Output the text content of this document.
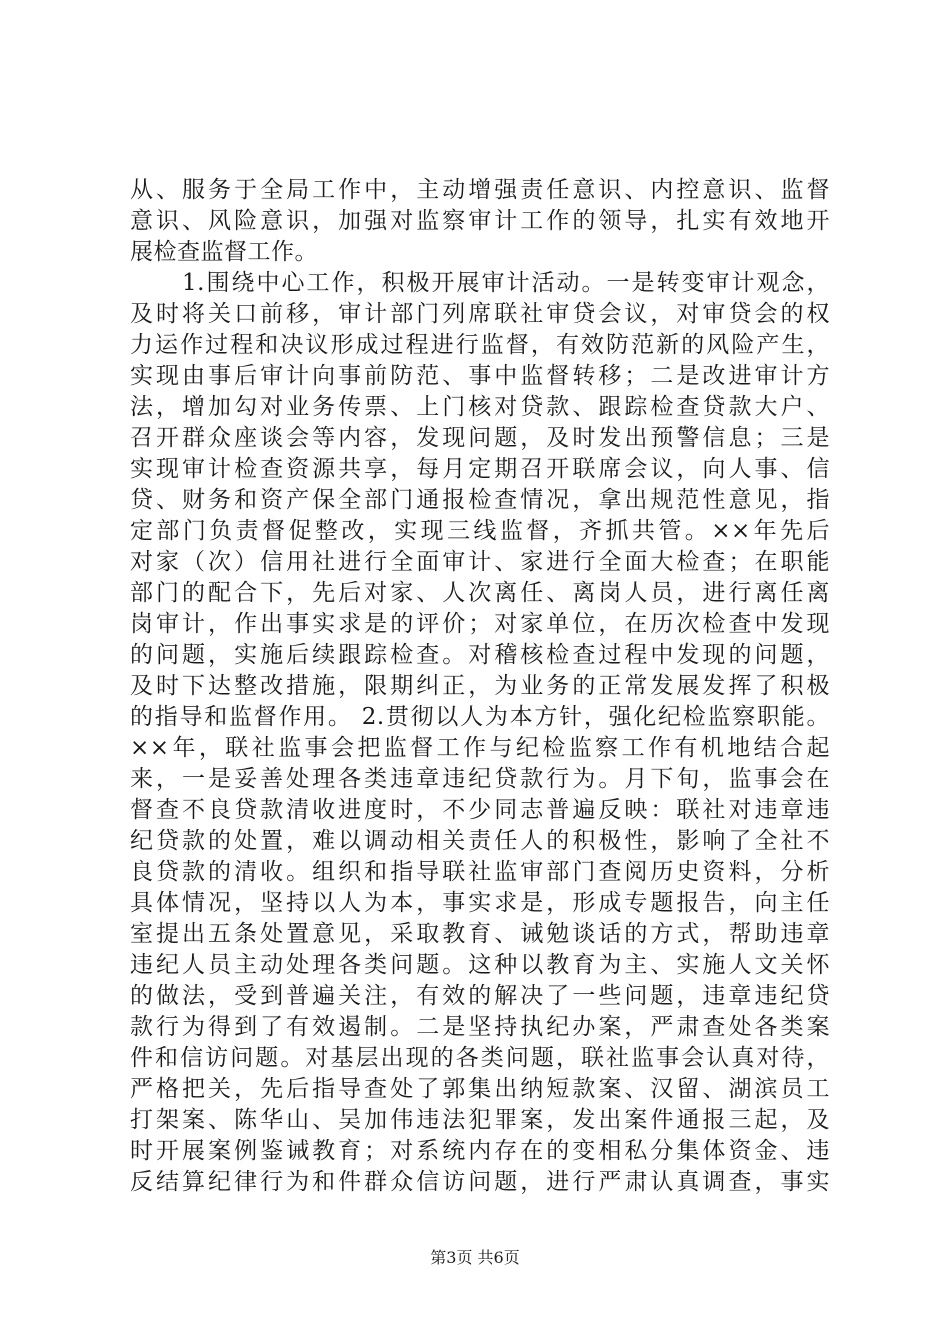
从、服务于全局工作中，主动增强责任意识、内控意识、监督
意识、风险意识，加强对监察审计工作的领导，扎实有效地开
展检查监督工作。
1.围绕中心工作，积极开展审计活动。一是转变审计观念，
及时将关口前移，审计部门列席联社审贷会议，对审贷会的权
力运作过程和决议形成过程进行监督，有效防范新的风险产生，
实现由事后审计向事前防范、事中监督转移；二是改进审计方
法，增加勾对业务传票、上门核对贷款、跟踪检查贷款大户、
召开群众座谈会等内容，发现问题，及时发出预警信息；三是
实现审计检查资源共享，每月定期召开联席会议，向人事、信
贷、财务和资产保全部门通报检查情况，拿出规范性意见，指
定部门负责督促整改，实现三线监督，齐抓共管。××年先后
对家（次）信用社进行全面审计、家进行全面大检查；在职能
部门的配合下，先后对家、人次离任、离岗人员，进行离任离
岗审计，作出事实求是的评价；对家单位，在历次检查中发现
的问题，实施后续跟踪检查。对稽核检查过程中发现的问题，
及时下达整改措施，限期纠正，为业务的正常发展发挥了积极
的指导和监督作用。 2.贯彻以人为本方针，强化纪检监察职能。
××年，联社监事会把监督工作与纪检监察工作有机地结合起
来，一是妥善处理各类违章违纪贷款行为。月下旬，监事会在
督查不良贷款清收进度时，不少同志普遍反映：联社对违章违
纪贷款的处置，难以调动相关责任人的积极性，影响了全社不
良贷款的清收。组织和指导联社监审部门查阅历史资料，分析
具体情况，坚持以人为本，事实求是，形成专题报告，向主任
室提出五条处置意见，采取教育、诫勉谈话的方式，帮助违章
违纪人员主动处理各类问题。这种以教育为主、实施人文关怀
的做法，受到普遍关注，有效的解决了一些问题，违章违纪贷
款行为得到了有效遏制。二是坚持执纪办案，严肃查处各类案
件和信访问题。对基层出现的各类问题，联社监事会认真对待，
严格把关，先后指导查处了郭集出纳短款案、汉留、湖滨员工
打架案、陈华山、吴加伟违法犯罪案，发出案件通报三起，及
时开展案例鉴诫教育；对系统内存在的变相私分集体资金、违
反结算纪律行为和件群众信访问题，进行严肃认真调查，事实
第3页 共6页
